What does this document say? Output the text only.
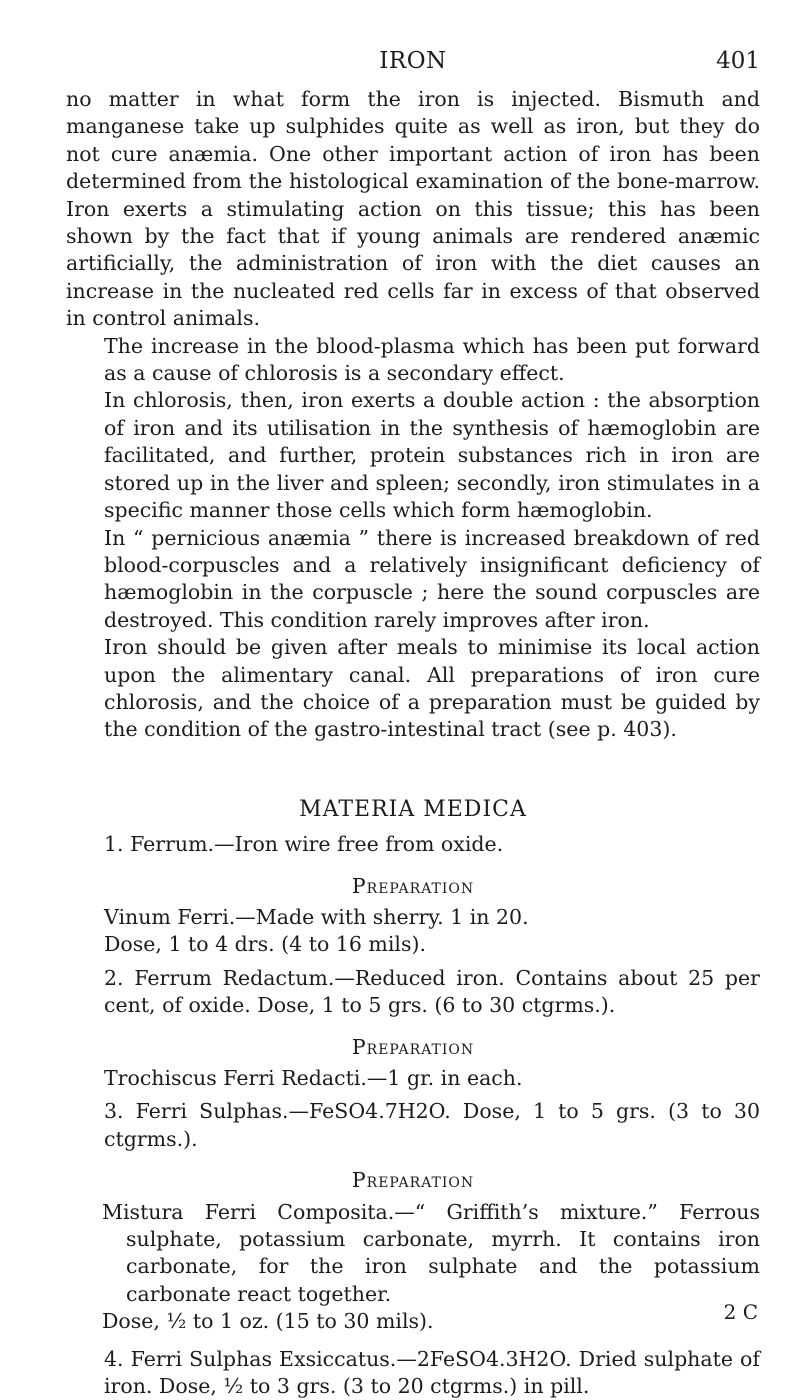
IRON	401

no matter in what form the iron is injected. Bismuth and manganese take up sulphides quite as well as iron, but they do not cure anæmia. One other important action of iron has been determined from the histological examination of the bone-marrow. Iron exerts a stimulating action on this tissue; this has been shown by the fact that if young animals are rendered anæmic artificially, the administration of iron with the diet causes an increase in the nucleated red cells far in excess of that observed in control animals.

The increase in the blood-plasma which has been put forward as a cause of chlorosis is a secondary effect.

In chlorosis, then, iron exerts a double action : the absorption of iron and its utilisation in the synthesis of hæmoglobin are facilitated, and further, protein substances rich in iron are stored up in the liver and spleen; secondly, iron stimulates in a specific manner those cells which form hæmoglobin.

In “ pernicious anæmia ” there is increased breakdown of red blood-corpuscles and a relatively insignificant deficiency of hæmoglobin in the corpuscle ; here the sound corpuscles are destroyed. This condition rarely improves after iron.

Iron should be given after meals to minimise its local action upon the alimentary canal. All preparations of iron cure chlorosis, and the choice of a preparation must be guided by the condition of the gastro-intestinal tract (see p. 403).

MATERIA MEDICA

1. Ferrum.—Iron wire free from oxide.

Preparation

Vinum Ferri.—Made with sherry. 1 in 20.

Dose, 1 to 4 drs. (4 to 16 mils).

2. Ferrum Redactum.—Reduced iron. Contains about 25 per cent, of oxide. Dose, 1 to 5 grs. (6 to 30 ctgrms.).

Preparation

Trochiscus Ferri Redacti.—1 gr. in each.

3. Ferri Sulphas.—FeSO4.7H2O. Dose, 1 to 5 grs. (3 to 30 ctgrms.).

Preparation

Mistura Ferri Composita.—“ Griffith’s mixture.” Ferrous sulphate, potassium carbonate, myrrh. It contains iron carbonate, for the iron sulphate and the potassium carbonate react together.

Dose, ½ to 1 oz. (15 to 30 mils).

4. Ferri Sulphas Exsiccatus.—2FeSO4.3H2O. Dried sulphate of iron. Dose, ½ to 3 grs. (3 to 20 ctgrms.) in pill.

2 C
